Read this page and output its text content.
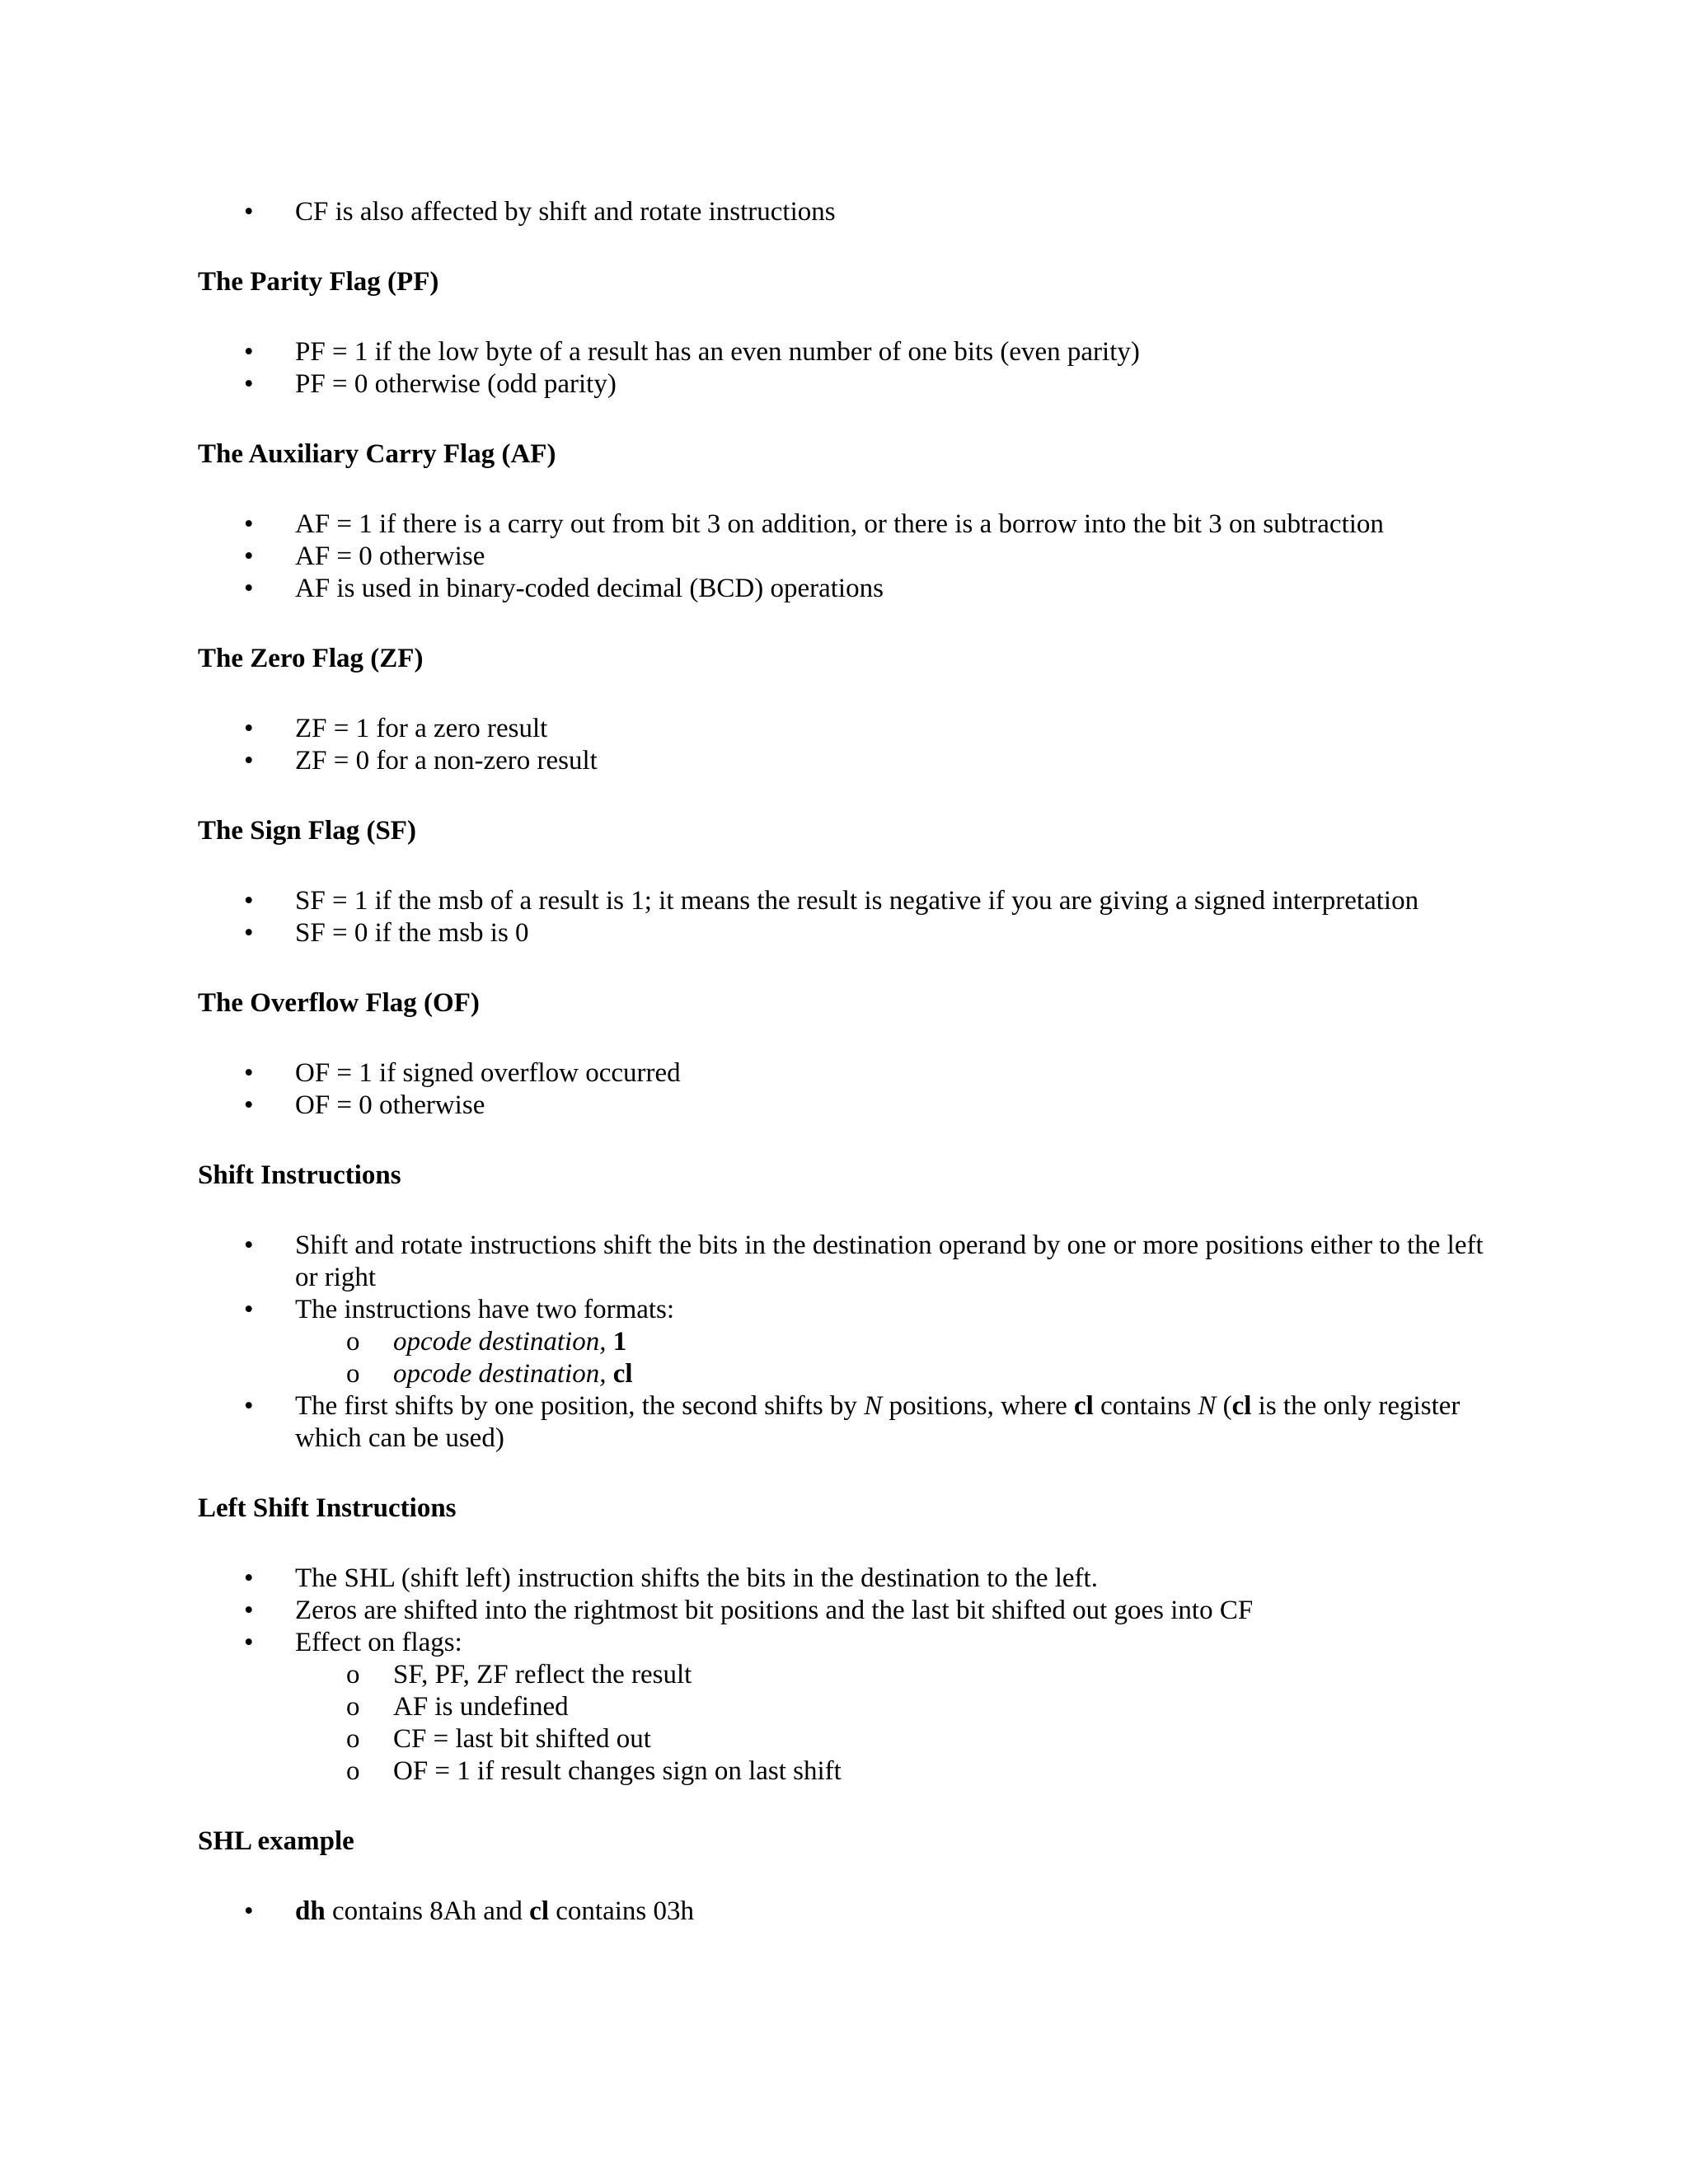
• CF is also affected by shift and rotate instructions
The Parity Flag (PF)
• PF = 1 if the low byte of a result has an even number of one bits (even parity)
• PF = 0 otherwise (odd parity)
The Auxiliary Carry Flag (AF)
• AF = 1 if there is a carry out from bit 3 on addition, or there is a borrow into the bit 3 on subtraction
• AF = 0 otherwise
• AF is used in binary-coded decimal (BCD) operations
The Zero Flag (ZF)
• ZF = 1 for a zero result
• ZF = 0 for a non-zero result
The Sign Flag (SF)
• SF = 1 if the msb of a result is 1; it means the result is negative if you are giving a signed interpretation
• SF = 0 if the msb is 0
The Overflow Flag (OF)
• OF = 1 if signed overflow occurred
• OF = 0 otherwise
Shift Instructions
• Shift and rotate instructions shift the bits in the destination operand by one or more positions either to the left or right
• The instructions have two formats:
o opcode destination, 1
o opcode destination, cl
• The first shifts by one position, the second shifts by N positions, where cl contains N (cl is the only register which can be used)
Left Shift Instructions
• The SHL (shift left) instruction shifts the bits in the destination to the left.
• Zeros are shifted into the rightmost bit positions and the last bit shifted out goes into CF
• Effect on flags:
o SF, PF, ZF reflect the result
o AF is undefined
o CF = last bit shifted out
o OF = 1 if result changes sign on last shift
SHL example
• dh contains 8Ah and cl contains 03h
